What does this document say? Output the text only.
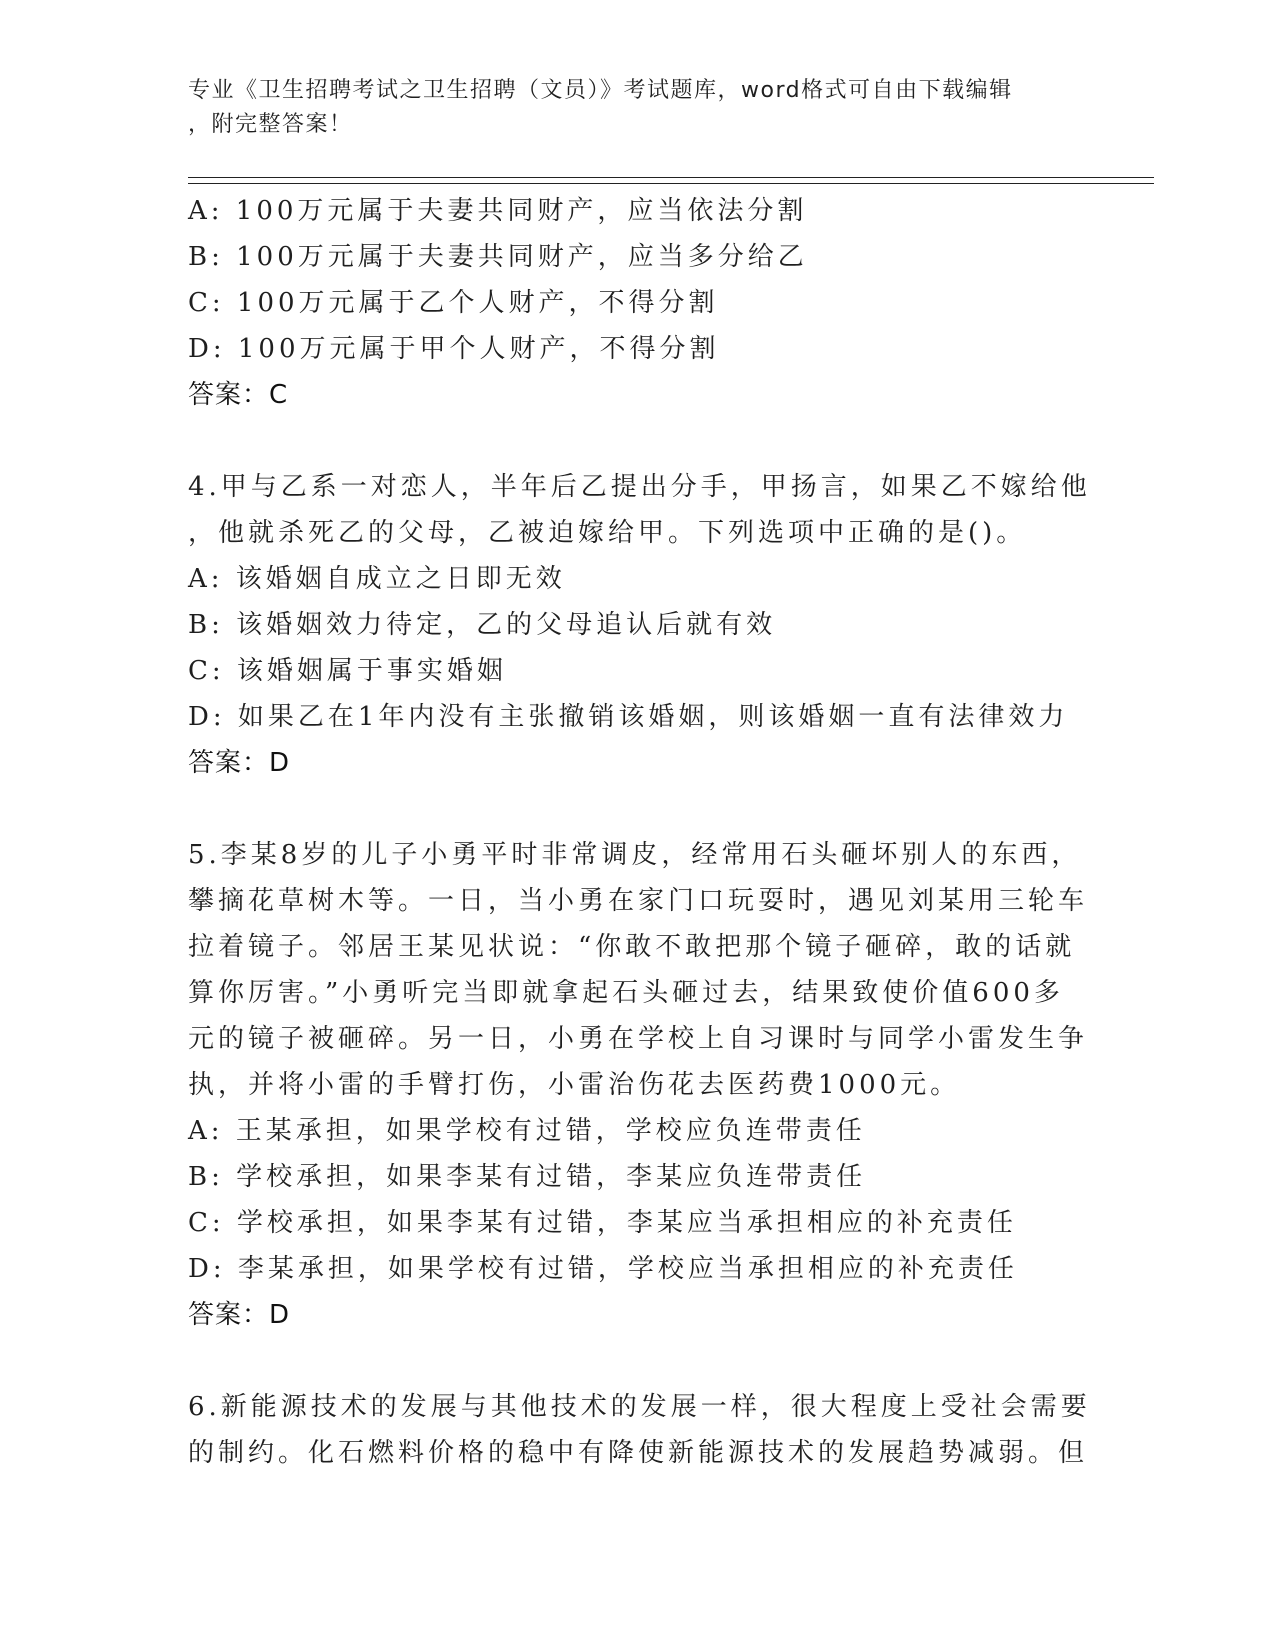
专业《卫生招聘考试之卫生招聘（文员）》考试题库，word格式可自由下载编辑
，附完整答案！
A: 100万元属于夫妻共同财产，应当依法分割
B: 100万元属于夫妻共同财产，应当多分给乙
C: 100万元属于乙个人财产，不得分割
D: 100万元属于甲个人财产，不得分割
答案：C
4.甲与乙系一对恋人，半年后乙提出分手，甲扬言，如果乙不嫁给他
，他就杀死乙的父母，乙被迫嫁给甲。下列选项中正确的是()。
A: 该婚姻自成立之日即无效
B: 该婚姻效力待定，乙的父母追认后就有效
C: 该婚姻属于事实婚姻
D: 如果乙在1年内没有主张撤销该婚姻，则该婚姻一直有法律效力
答案：D
5.李某8岁的儿子小勇平时非常调皮，经常用石头砸坏别人的东西，
攀摘花草树木等。一日，当小勇在家门口玩耍时，遇见刘某用三轮车
拉着镜子。邻居王某见状说：“你敢不敢把那个镜子砸碎，敢的话就
算你厉害。”小勇听完当即就拿起石头砸过去，结果致使价值600多
元的镜子被砸碎。另一日，小勇在学校上自习课时与同学小雷发生争
执，并将小雷的手臂打伤，小雷治伤花去医药费1000元。
A: 王某承担，如果学校有过错，学校应负连带责任
B: 学校承担，如果李某有过错，李某应负连带责任
C: 学校承担，如果李某有过错，李某应当承担相应的补充责任
D: 李某承担，如果学校有过错，学校应当承担相应的补充责任
答案：D
6.新能源技术的发展与其他技术的发展一样，很大程度上受社会需要
的制约。化石燃料价格的稳中有降使新能源技术的发展趋势减弱。但
